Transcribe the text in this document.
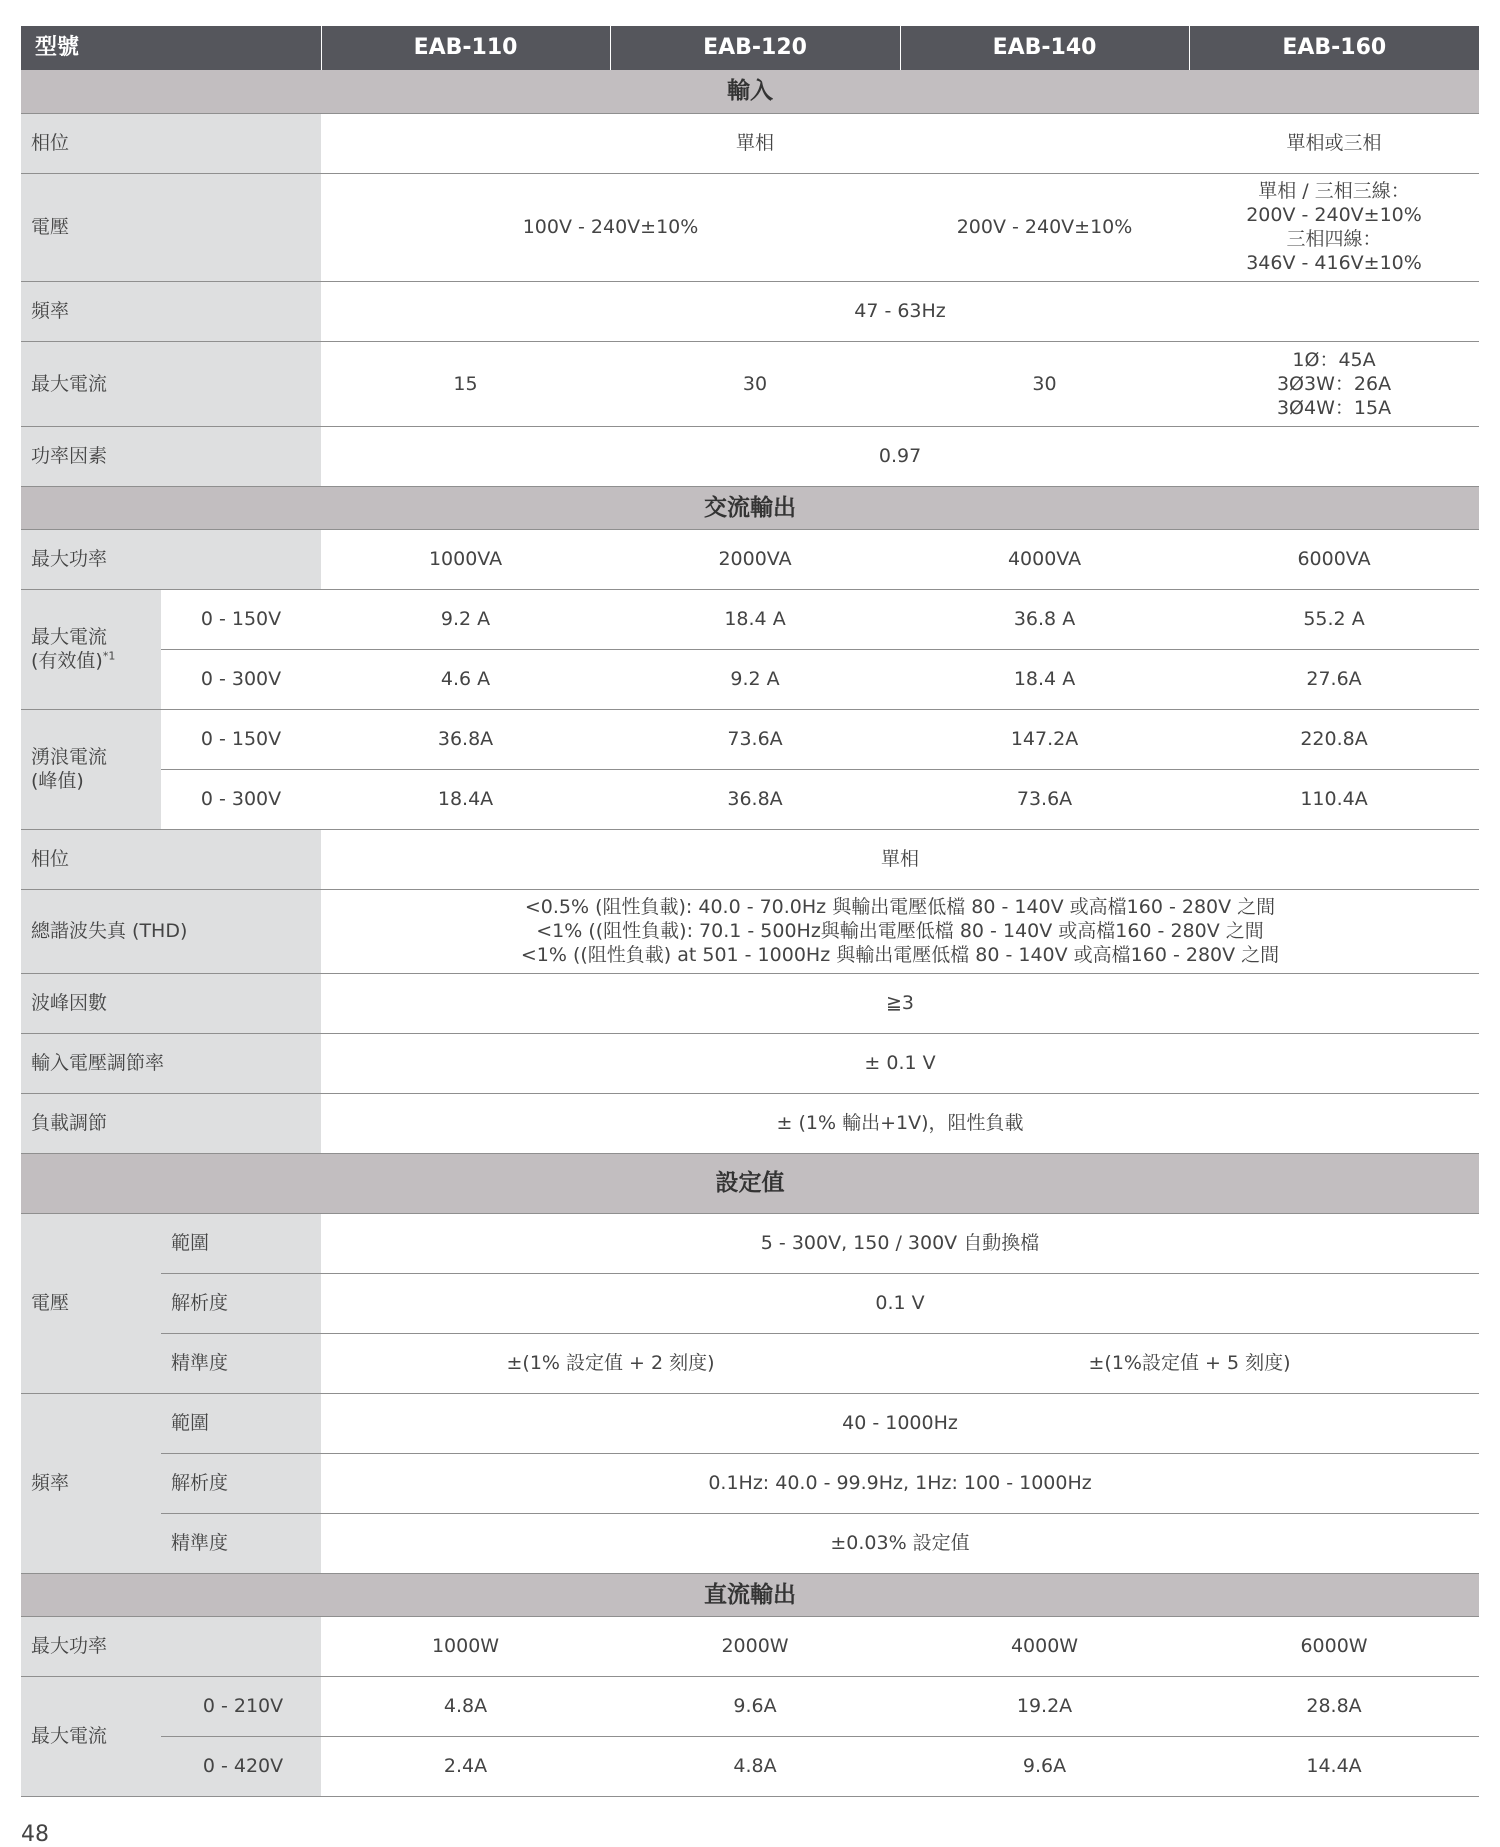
型號		EAB-110	EAB-120	EAB-140	EAB-160
輸入					
相位		單相			單相或三相
電壓		100V - 240V±10%		200V - 240V±10%	單相 / 三相三線：
200V - 240V±10%
三相四線：
346V - 416V±10%

頻率		47 - 63Hz			
最大電流		15	30	30	1Ø：45A
3Ø3W：26A
3Ø4W：15A

功率因素		0.97			
交流輸出					
最大功率		1000VA	2000VA	4000VA	6000VA

最大電流
(有效值)$^{*1}$	0 - 150V	9.2 A	18.4 A	36.8 A	55.2 A
	0 - 300V	4.6 A	9.2 A	18.4 A	27.6A

湧浪電流
(峰值)	0 - 150V	36.8A	73.6A	147.2A	220.8A
	0 - 300V	18.4A	36.8A	73.6A	110.4A
相位		單相			
總諧波失真 (THD)		<0.5% (阻性負載): 40.0 - 70.0Hz 與輸出電壓低檔 80 - 140V 或高檔160 - 280V 之間
<1% ((阻性負載): 70.1 - 500Hz與輸出電壓低檔 80 - 140V 或高檔160 - 280V 之間
<1% ((阻性負載) at 501 - 1000Hz 與輸出電壓低檔 80 - 140V 或高檔160 - 280V 之間			

波峰因數		≧3			
輸入電壓調節率		± 0.1 V			
負載調節		± (1% 輸出+1V)，阻性負載			
設定值					
電壓	範圍	5 - 300V, 150 / 300V 自動換檔			
	解析度	0.1 V			
	精準度	±(1% 設定值 + 2 刻度)		±(1%設定值 + 5 刻度)	
頻率	範圍	40 - 1000Hz			
	解析度	0.1Hz: 40.0 - 99.9Hz, 1Hz: 100 - 1000Hz			
	精準度	±0.03% 設定值			
直流輸出					
最大功率		1000W	2000W	4000W	6000W
最大電流	0 - 210V	4.8A	9.6A	19.2A	28.8A
	0 - 420V	2.4A	4.8A	9.6A	14.4A
48
